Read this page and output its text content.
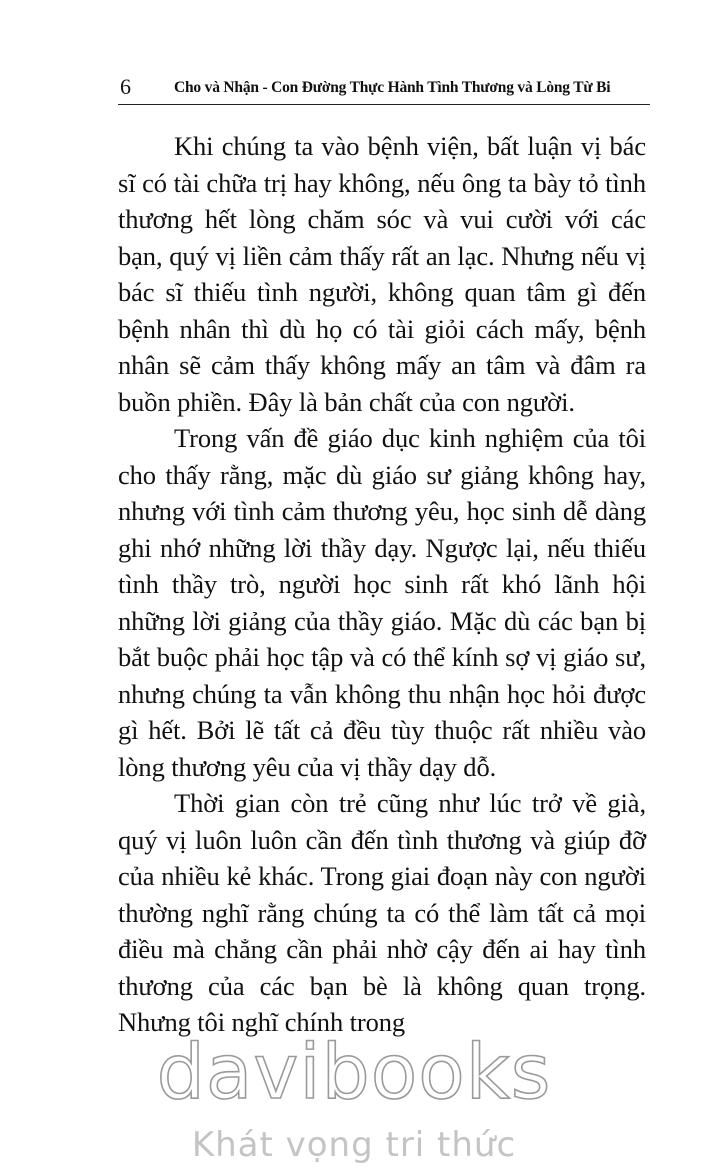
6	Cho và Nhận - Con Đường Thực Hành Tình Thương và Lòng Từ Bi

Khi chúng ta vào bệnh viện, bất luận vị bác sĩ có tài chữa trị hay không, nếu ông ta bày tỏ tình thương hết lòng chăm sóc và vui cười với các bạn, quý vị liền cảm thấy rất an lạc. Nhưng nếu vị bác sĩ thiếu tình người, không quan tâm gì đến bệnh nhân thì dù họ có tài giỏi cách mấy, bệnh nhân sẽ cảm thấy không mấy an tâm và đâm ra buồn phiền. Đây là bản chất của con người.

Trong vấn đề giáo dục kinh nghiệm của tôi cho thấy rằng, mặc dù giáo sư giảng không hay, nhưng với tình cảm thương yêu, học sinh dễ dàng ghi nhớ những lời thầy dạy. Ngược lại, nếu thiếu tình thầy trò, người học sinh rất khó lãnh hội những lời giảng của thầy giáo. Mặc dù các bạn bị bắt buộc phải học tập và có thể kính sợ vị giáo sư, nhưng chúng ta vẫn không thu nhận học hỏi được gì hết. Bởi lẽ tất cả đều tùy thuộc rất nhiều vào lòng thương yêu của vị thầy dạy dỗ.

Thời gian còn trẻ cũng như lúc trở về già, quý vị luôn luôn cần đến tình thương và giúp đỡ của nhiều kẻ khác. Trong giai đoạn này con người thường nghĩ rằng chúng ta có thể làm tất cả mọi điều mà chẳng cần phải nhờ cậy đến ai hay tình thương của các bạn bè là không quan trọng. Nhưng tôi nghĩ chính trong

davibooks
Khát vọng tri thức
